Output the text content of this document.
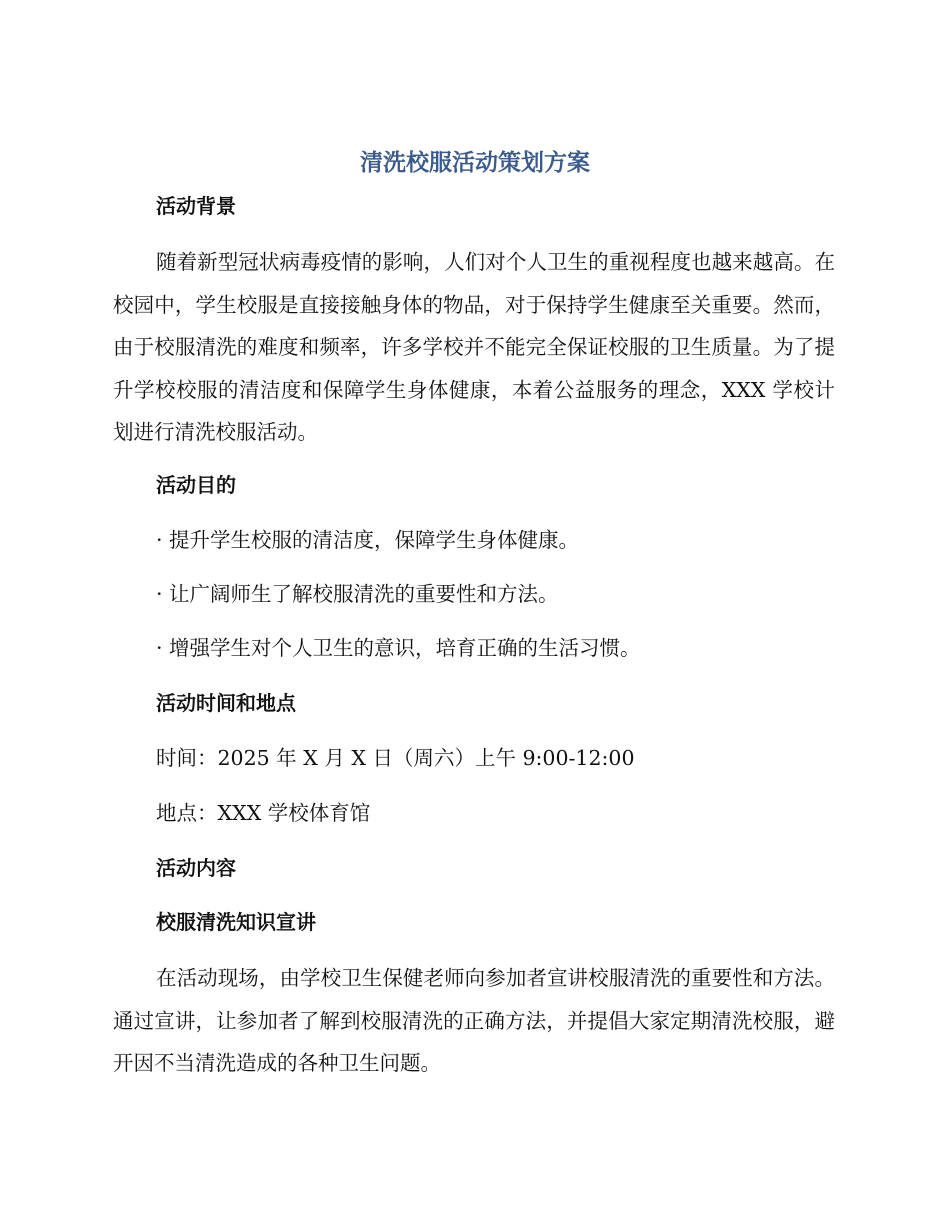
清洗校服活动策划方案
活动背景

随着新型冠状病毒疫情的影响，人们对个人卫生的重视程度也越来越高。在校园中，学生校服是直接接触身体的物品，对于保持学生健康至关重要。然而，由于校服清洗的难度和频率，许多学校并不能完全保证校服的卫生质量。为了提升学校校服的清洁度和保障学生身体健康，本着公益服务的理念，XXX 学校计划进行清洗校服活动。

活动目的

· 提升学生校服的清洁度，保障学生身体健康。

· 让广阔师生了解校服清洗的重要性和方法。

· 增强学生对个人卫生的意识，培育正确的生活习惯。

活动时间和地点

时间：2025 年 X 月 X 日（周六）上午 9:00-12:00

地点：XXX 学校体育馆

活动内容
校服清洗知识宣讲

在活动现场，由学校卫生保健老师向参加者宣讲校服清洗的重要性和方法。通过宣讲，让参加者了解到校服清洗的正确方法，并提倡大家定期清洗校服，避开因不当清洗造成的各种卫生问题。
